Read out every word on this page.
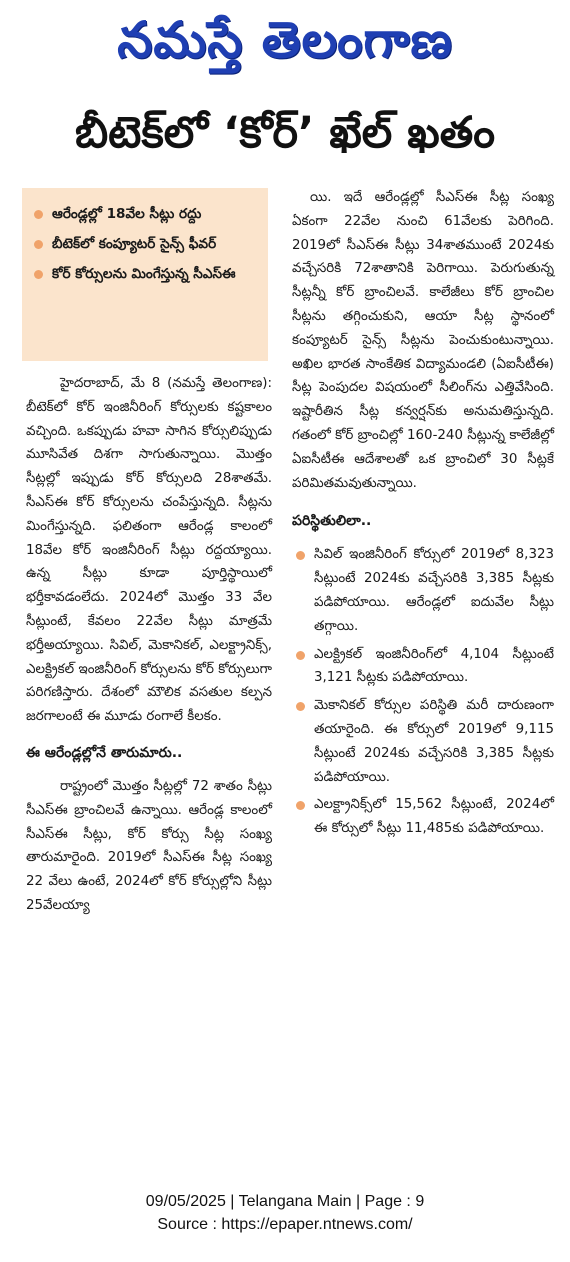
నమస్తే తెలంగాణ
బీటెక్‌లో ‘కోర్’ ఖేల్ ఖతం
ఆరేండ్లల్లో 18వేల సీట్లు రద్దు
బీటెక్‌లో కంప్యూటర్ సైన్స్ ఫీవర్
కోర్ కోర్సులను మింగేస్తున్న సీఎస్ఈ

హైదరాబాద్, మే 8 (నమస్తే తెలంగాణ): బీటెక్‌లో కోర్ ఇంజినీరింగ్ కోర్సులకు కష్టకాలం వచ్చింది. ఒకప్పుడు హవా సాగిన కోర్సులిప్పుడు మూసివేత దిశగా సాగుతున్నాయి. మొత్తం సీట్లల్లో ఇప్పుడు కోర్ కోర్సులది 28శాతమే. సీఎస్ఈ కోర్ కోర్సులను చంపేస్తున్నది. సీట్లను మింగేస్తున్నది. ఫలితంగా ఆరేండ్ల కాలంలో 18వేల కోర్ ఇంజినీరింగ్ సీట్లు రద్దయ్యాయి. ఉన్న సీట్లు కూడా పూర్తిస్థాయిలో భర్తీకావడంలేదు. 2024లో మొత్తం 33 వేల సీట్లుంటే, కేవలం 22వేల సీట్లు మాత్రమే భర్తీఅయ్యాయి. సివిల్, మెకానికల్, ఎలక్ట్రానిక్స్, ఎలక్ట్రికల్ ఇంజినీరింగ్ కోర్సులను కోర్ కోర్సులుగా పరిగణిస్తారు. దేశంలో మౌలిక వసతుల కల్పన జరగాలంటే ఈ మూడు రంగాలే కీలకం.

ఈ ఆరేండ్లల్లోనే తారుమారు..

రాష్ట్రంలో మొత్తం సీట్లల్లో 72 శాతం సీట్లు సీఎస్ఈ బ్రాంచిలవే ఉన్నాయి. ఆరేండ్ల కాలంలో సీఎస్ఈ సీట్లు, కోర్ కోర్సు సీట్ల సంఖ్య తారుమారైంది. 2019లో సీఎస్ఈ సీట్ల సంఖ్య 22 వేలు ఉంటే, 2024లో కోర్ కోర్సుల్లోని సీట్లు 25వేలయ్యా

యి. ఇదే ఆరేండ్లల్లో సీఎస్ఈ సీట్ల సంఖ్య ఏకంగా 22వేల నుంచి 61వేలకు పెరిగింది. 2019లో సీఎస్ఈ సీట్లు 34శాతముంటే 2024కు వచ్చేసరికి 72శాతానికి పెరిగాయి. పెరుగుతున్న సీట్లన్నీ కోర్ బ్రాంచిలవే. కాలేజీలు కోర్ బ్రాంచిల సీట్లను తగ్గించుకుని, ఆయా సీట్ల స్థానంలో కంప్యూటర్ సైన్స్ సీట్లను పెంచుకుంటున్నాయి. అఖిల భారత సాంకేతిక విద్యామండలి (ఏఐసీటీఈ) సీట్ల పెంపుదల విషయంలో సీలింగ్‌ను ఎత్తివేసింది. ఇష్టారీతిన సీట్ల కన్వర్షన్‌కు అనుమతిస్తున్నది. గతంలో కోర్ బ్రాంచిల్లో 160-240 సీట్లున్న కాలేజీల్లో ఏఐసీటీఈ ఆదేశాలతో ఒక బ్రాంచిలో 30 సీట్లకే పరిమితమవుతున్నాయి.

పరిస్థితులిలా..
సివిల్ ఇంజినీరింగ్ కోర్సులో 2019లో 8,323 సీట్లుంటే 2024కు వచ్చేసరికి 3,385 సీట్లకు పడిపోయాయి. ఆరేండ్లలో ఐదువేల సీట్లు తగ్గాయి.
ఎలక్ట్రికల్ ఇంజినీరింగ్‌లో 4,104 సీట్లుంటే 3,121 సీట్లకు పడిపోయాయి.
మెకానికల్ కోర్సుల పరిస్థితి మరీ దారుణంగా తయారైంది. ఈ కోర్సులో 2019లో 9,115 సీట్లుంటే 2024కు వచ్చేసరికి 3,385 సీట్లకు పడిపోయాయి.
ఎలక్ట్రానిక్స్‌లో 15,562 సీట్లుంటే, 2024లో ఈ కోర్సులో సీట్లు 11,485కు పడిపోయాయి.
09/05/2025 | Telangana Main | Page : 9
Source : https://epaper.ntnews.com/
